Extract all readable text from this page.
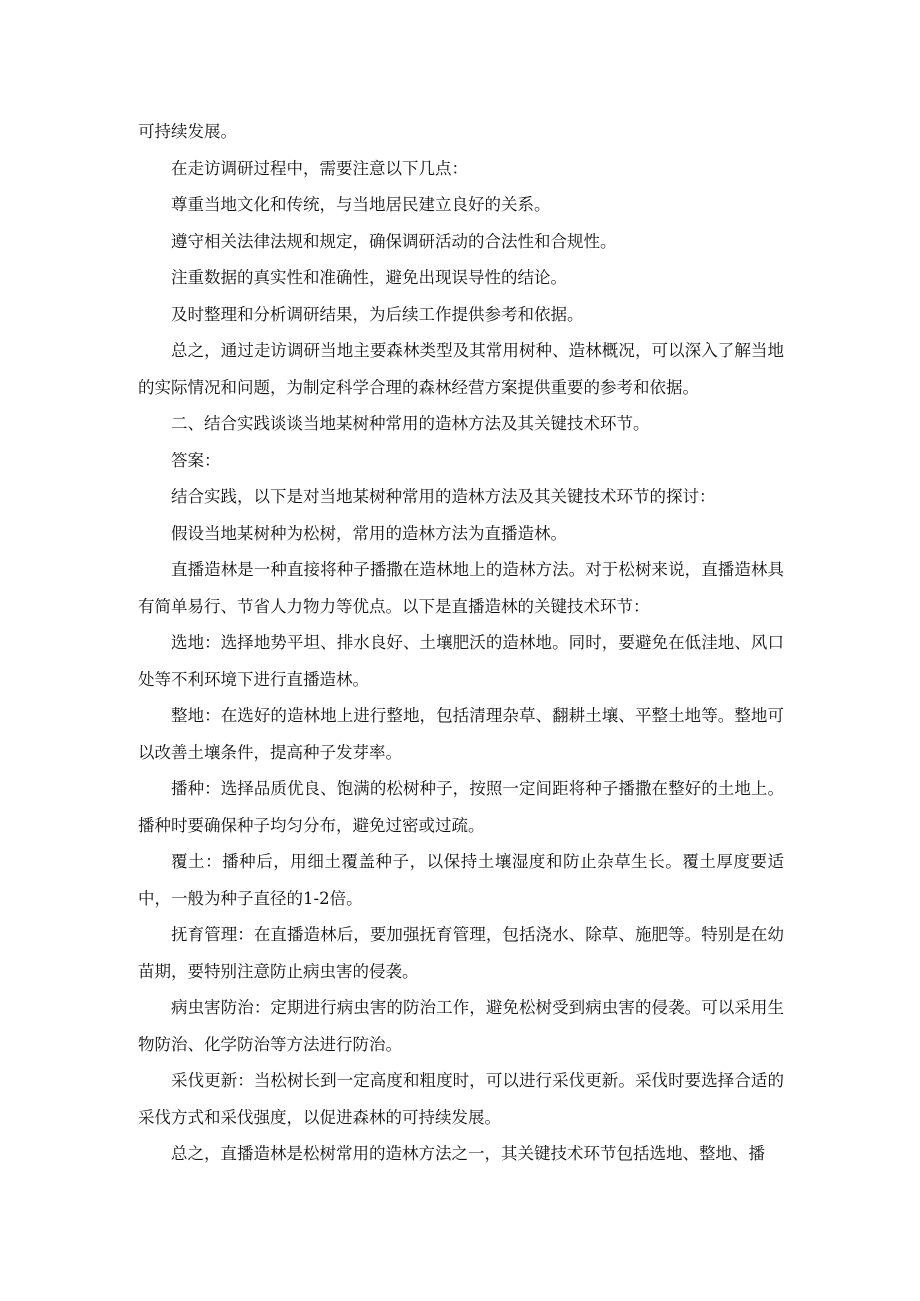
可持续发展。

在走访调研过程中，需要注意以下几点：

尊重当地文化和传统，与当地居民建立良好的关系。

遵守相关法律法规和规定，确保调研活动的合法性和合规性。

注重数据的真实性和准确性，避免出现误导性的结论。

及时整理和分析调研结果，为后续工作提供参考和依据。

总之，通过走访调研当地主要森林类型及其常用树种、造林概况，可以深入了解当地的实际情况和问题，为制定科学合理的森林经营方案提供重要的参考和依据。

二、结合实践谈谈当地某树种常用的造林方法及其关键技术环节。

答案：

结合实践，以下是对当地某树种常用的造林方法及其关键技术环节的探讨：

假设当地某树种为松树，常用的造林方法为直播造林。

直播造林是一种直接将种子播撒在造林地上的造林方法。对于松树来说，直播造林具有简单易行、节省人力物力等优点。以下是直播造林的关键技术环节：

选地：选择地势平坦、排水良好、土壤肥沃的造林地。同时，要避免在低洼地、风口处等不利环境下进行直播造林。

整地：在选好的造林地上进行整地，包括清理杂草、翻耕土壤、平整土地等。整地可以改善土壤条件，提高种子发芽率。

播种：选择品质优良、饱满的松树种子，按照一定间距将种子播撒在整好的土地上。播种时要确保种子均匀分布，避免过密或过疏。

覆土：播种后，用细土覆盖种子，以保持土壤湿度和防止杂草生长。覆土厚度要适中，一般为种子直径的1-2倍。

抚育管理：在直播造林后，要加强抚育管理，包括浇水、除草、施肥等。特别是在幼苗期，要特别注意防止病虫害的侵袭。

病虫害防治：定期进行病虫害的防治工作，避免松树受到病虫害的侵袭。可以采用生物防治、化学防治等方法进行防治。

采伐更新：当松树长到一定高度和粗度时，可以进行采伐更新。采伐时要选择合适的采伐方式和采伐强度，以促进森林的可持续发展。

总之，直播造林是松树常用的造林方法之一，其关键技术环节包括选地、整地、播
